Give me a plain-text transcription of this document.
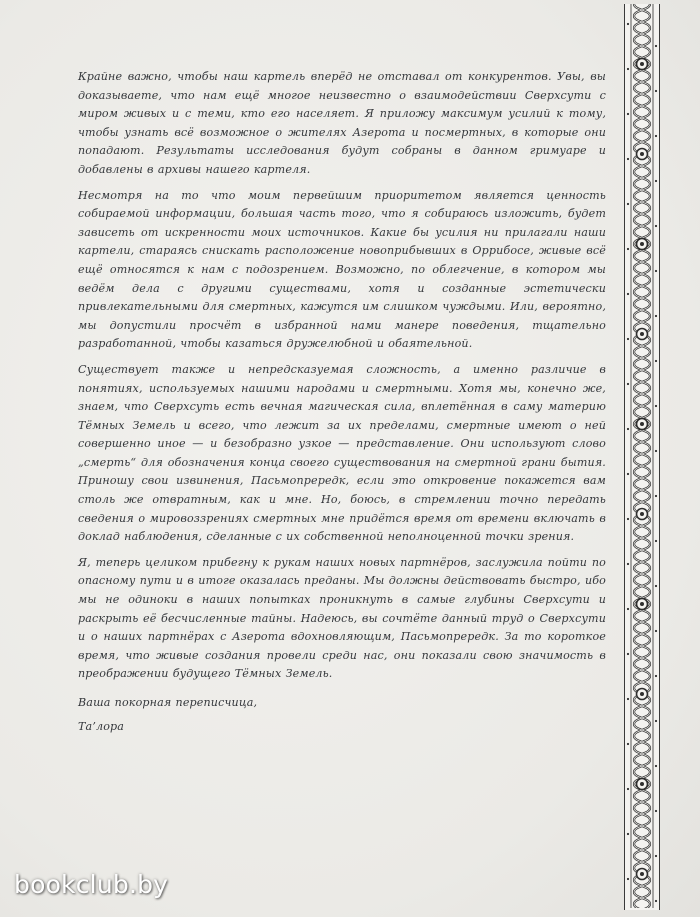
Крайне важно, чтобы наш картель вперёд не отставал от конкурентов. Увы, вы доказываете, что нам ещё многое неизвестно о взаимодействии Сверхсути с миром живых и с теми, кто его населяет. Я приложу максимум усилий к тому, чтобы узнать всё возможное о жителях Азерота и посмертных, в которые они попадают. Результаты исследования будут собраны в данном гримуаре и добавлены в архивы нашего картеля.

Несмотря на то что моим первейшим приоритетом является ценность собираемой информации, большая часть того, что я собираюсь изложить, будет зависеть от искренности моих источников. Какие бы усилия ни прилагали наши картели, стараясь снискать расположение новоприбывших в Оррибосе, живые всё ещё относятся к нам с подозрением. Возможно, по облегчение, в котором мы ведём дела с другими существами, хотя и созданные эстетически привлекательными для смертных, кажутся им слишком чуждыми. Или, вероятно, мы допустили просчёт в избранной нами манере поведения, тщательно разработанной, чтобы казаться дружелюбной и обаятельной.

Существует также и непредсказуемая сложность, а именно различие в понятиях, используемых нашими народами и смертными. Хотя мы, конечно же, знаем, что Сверхсуть есть вечная магическая сила, вплетённая в саму материю Тёмных Земель и всего, что лежит за их пределами, смертные имеют о ней совершенно иное — и безобразно узкое — представление. Они используют слово „смерть“ для обозначения конца своего существования на смертной грани бытия. Приношу свои извинения, Пасьмопрередк, если это откровение покажется вам столь же отвратным, как и мне. Но, боюсь, в стремлении точно передать сведения о мировоззрениях смертных мне придётся время от времени включать в доклад наблюдения, сделанные с их собственной неполноценной точки зрения.

Я, теперь целиком прибегну к рукам наших новых партнёров, заслужила пойти по опасному пути и в итоге оказалась преданы. Мы должны действовать быстро, ибо мы не одиноки в наших попытках проникнуть в самые глубины Сверхсути и раскрыть её бесчисленные тайны. Надеюсь, вы сочтёте данный труд о Сверхсути и о наших партнёрах с Азерота вдохновляющим, Пасьмопрередк. За то короткое время, что живые создания провели среди нас, они показали свою значимость в преображении будущего Тёмных Земель.

Ваша покорная переписчица,
Та’лора
bookclub.by
